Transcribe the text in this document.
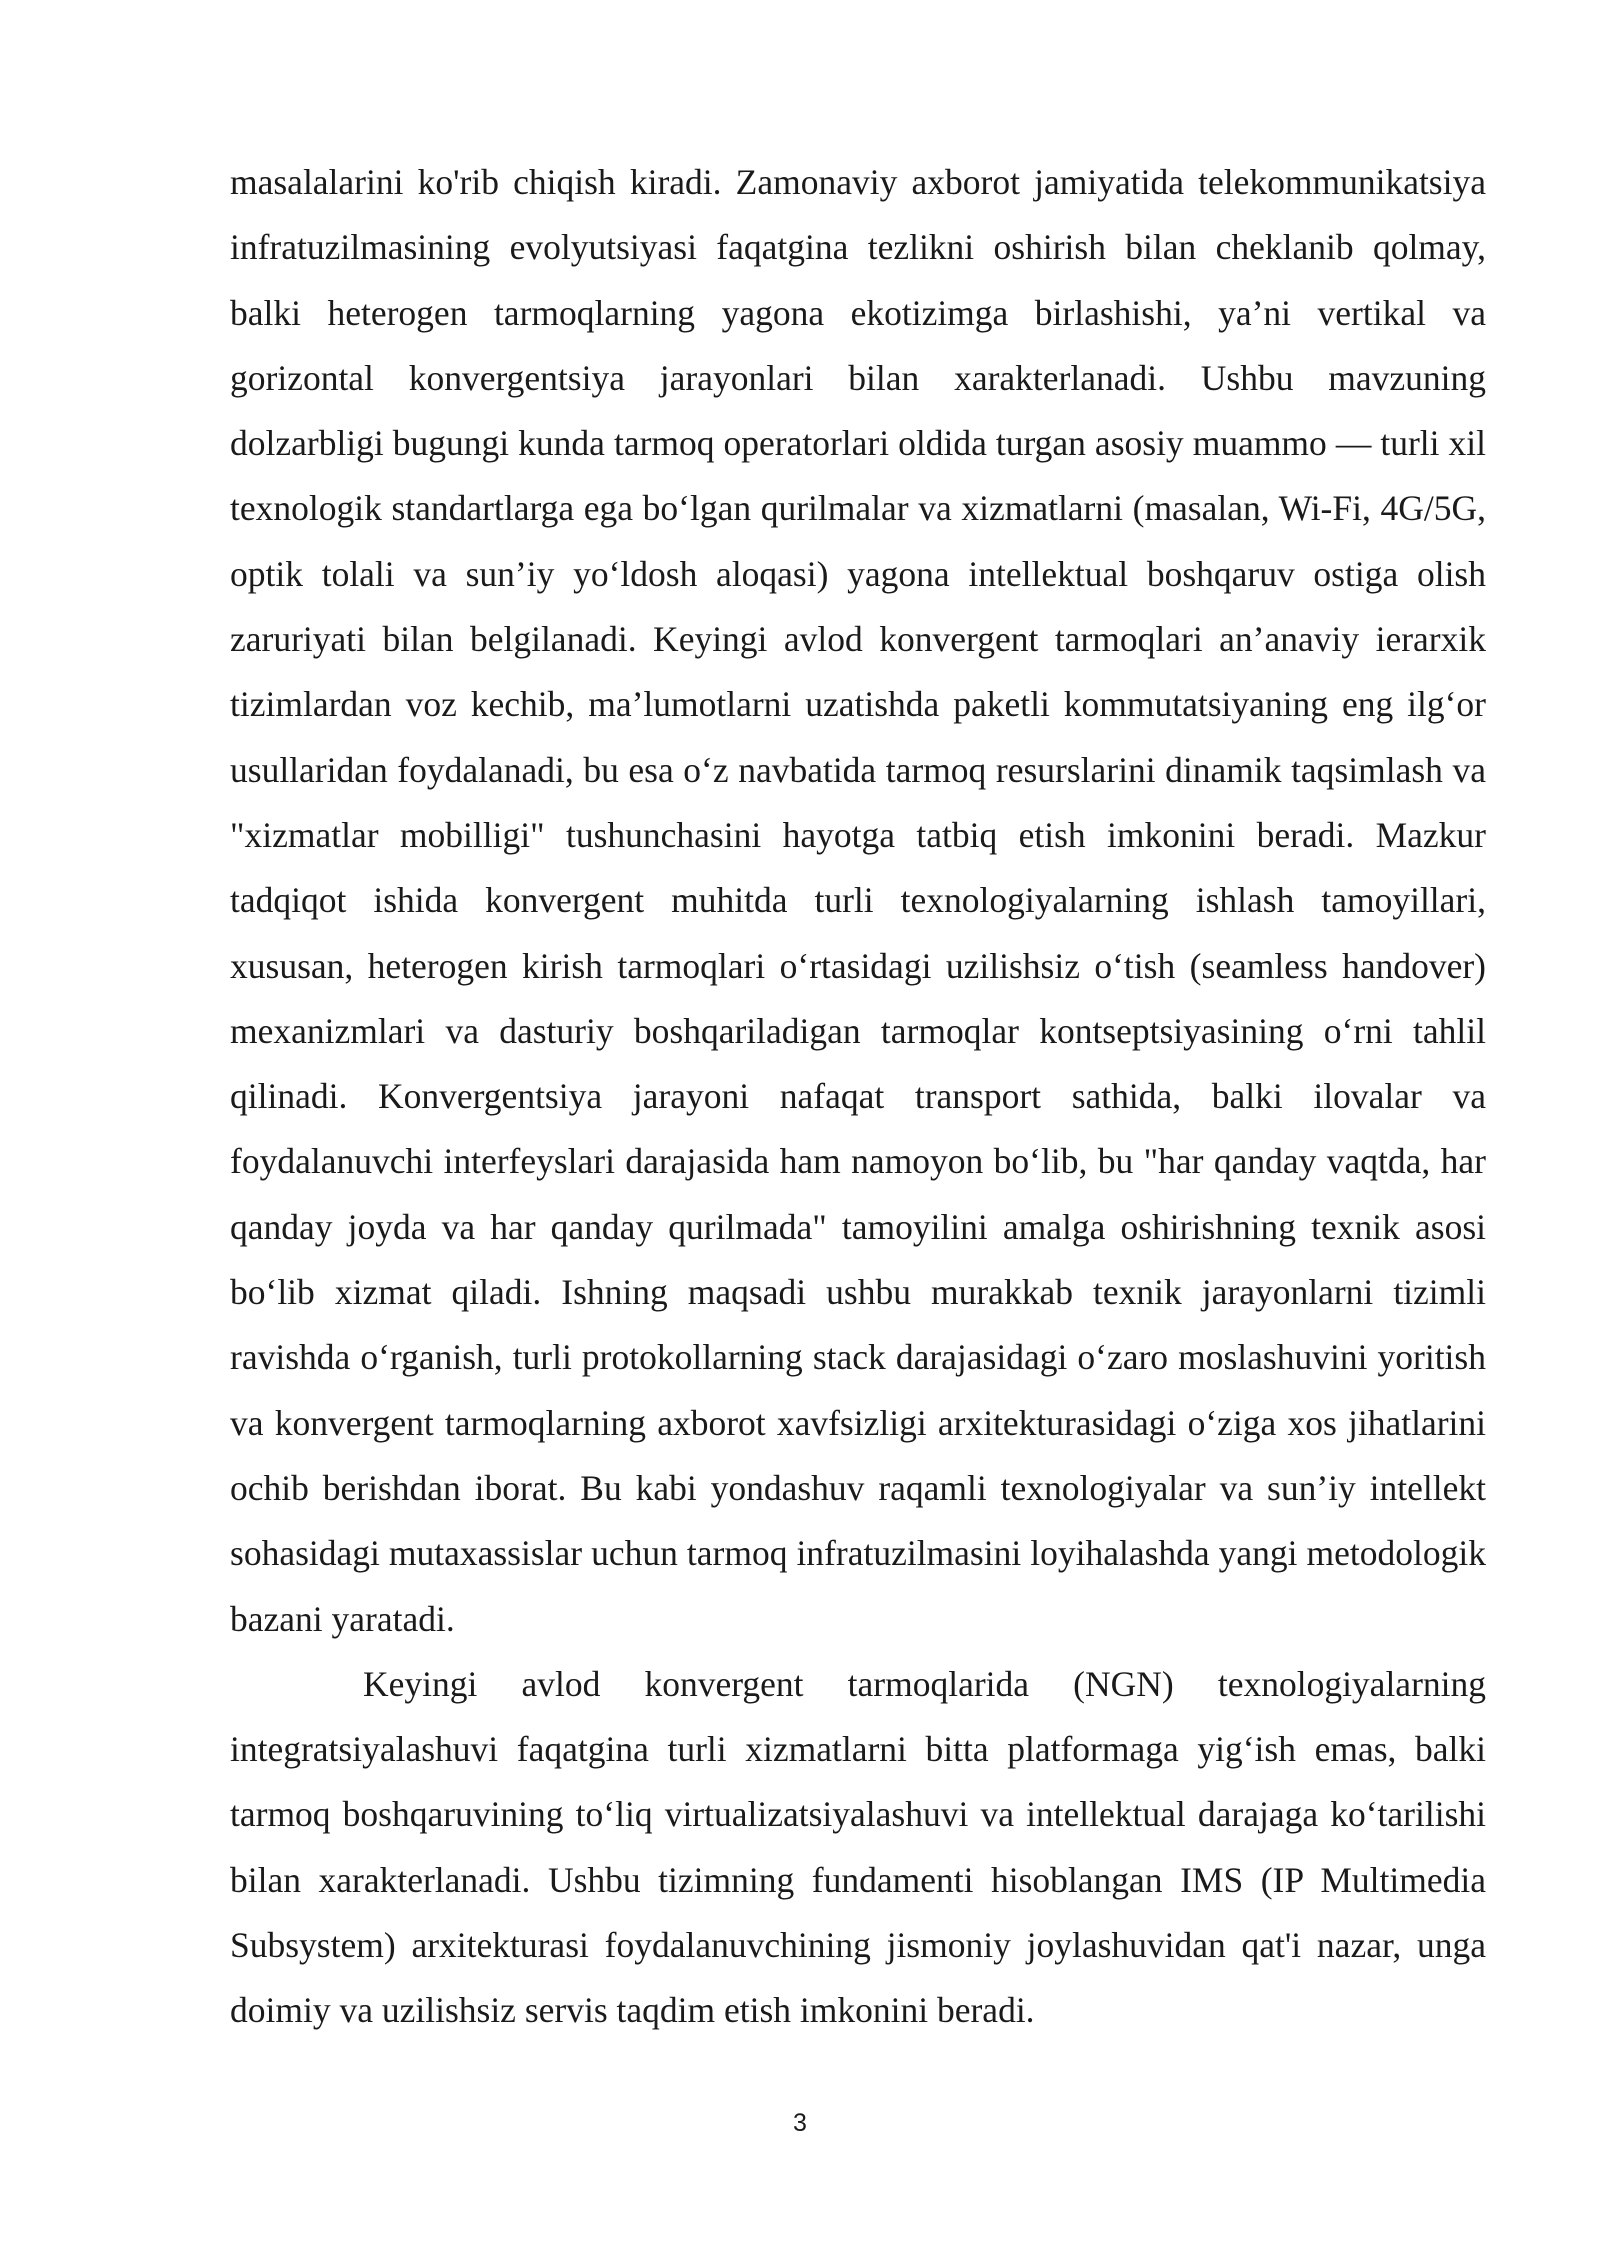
masalalarini ko'rib chiqish kiradi. Zamonaviy axborot jamiyatida telekommunikatsiya infratuzilmasining evolyutsiyasi faqatgina tezlikni oshirish bilan cheklanib qolmay, balki heterogen tarmoqlarning yagona ekotizimga birlashishi, ya’ni vertikal va gorizontal konvergentsiya jarayonlari bilan xarakterlanadi. Ushbu mavzuning dolzarbligi bugungi kunda tarmoq operatorlari oldida turgan asosiy muammo — turli xil texnologik standartlarga ega boʻlgan qurilmalar va xizmatlarni (masalan, Wi-Fi, 4G/5G, optik tolali va sun’iy yoʻldosh aloqasi) yagona intellektual boshqaruv ostiga olish zaruriyati bilan belgilanadi. Keyingi avlod konvergent tarmoqlari an’anaviy ierarxik tizimlardan voz kechib, ma’lumotlarni uzatishda paketli kommutatsiyaning eng ilgʻor usullaridan foydalanadi, bu esa oʻz navbatida tarmoq resurslarini dinamik taqsimlash va "xizmatlar mobilligi" tushunchasini hayotga tatbiq etish imkonini beradi. Mazkur tadqiqot ishida konvergent muhitda turli texnologiyalarning ishlash tamoyillari, xususan, heterogen kirish tarmoqlari oʻrtasidagi uzilishsiz oʻtish (seamless handover) mexanizmlari va dasturiy boshqariladigan tarmoqlar kontseptsiyasining oʻrni tahlil qilinadi. Konvergentsiya jarayoni nafaqat transport sathida, balki ilovalar va foydalanuvchi interfeyslari darajasida ham namoyon boʻlib, bu "har qanday vaqtda, har qanday joyda va har qanday qurilmada" tamoyilini amalga oshirishning texnik asosi boʻlib xizmat qiladi. Ishning maqsadi ushbu murakkab texnik jarayonlarni tizimli ravishda oʻrganish, turli protokollarning stack darajasidagi oʻzaro moslashuvini yoritish va konvergent tarmoqlarning axborot xavfsizligi arxitekturasidagi oʻziga xos jihatlarini ochib berishdan iborat. Bu kabi yondashuv raqamli texnologiyalar va sun’iy intellekt sohasidagi mutaxassislar uchun tarmoq infratuzilmasini loyihalashda yangi metodologik bazani yaratadi.

Keyingi avlod konvergent tarmoqlarida (NGN) texnologiyalarning integratsiyalashuvi faqatgina turli xizmatlarni bitta platformaga yigʻish emas, balki tarmoq boshqaruvining toʻliq virtualizatsiyalashuvi va intellektual darajaga koʻtarilishi bilan xarakterlanadi. Ushbu tizimning fundamenti hisoblangan IMS (IP Multimedia Subsystem) arxitekturasi foydalanuvchining jismoniy joylashuvidan qat'i nazar, unga doimiy va uzilishsiz servis taqdim etish imkonini beradi.

3
